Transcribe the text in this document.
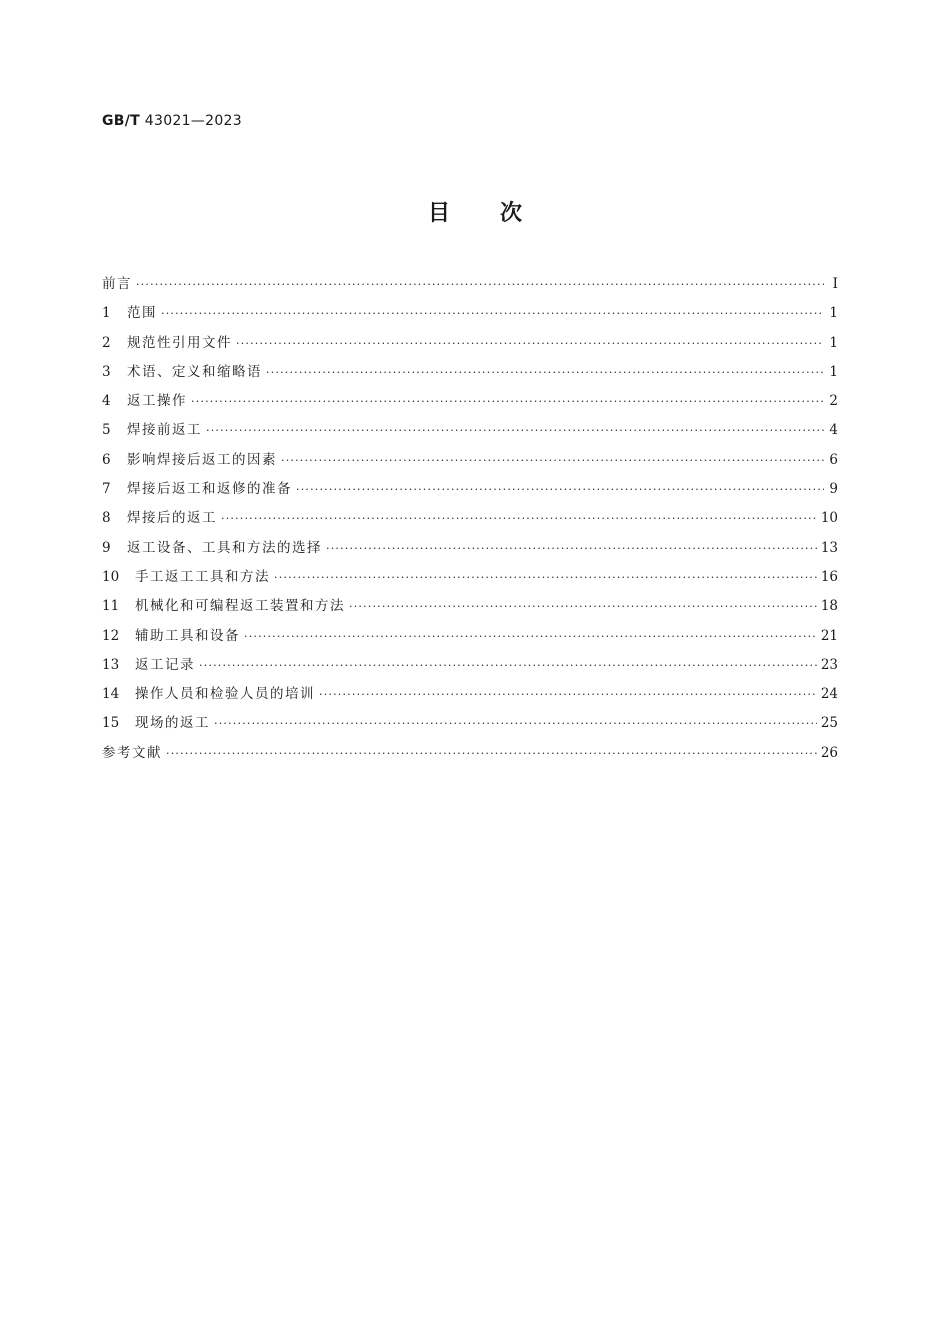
GB/T 43021—2023
目次
前言 ·····	Ⅰ
1	范围 ·····	1
2	规范性引用文件 ·····	1
3	术语、定义和缩略语 ·····	1
4	返工操作 ·····	2
5	焊接前返工 ·····	4
6	影响焊接后返工的因素 ·····	6
7	焊接后返工和返修的准备 ·····	9
8	焊接后的返工 ·····	10
9	返工设备、工具和方法的选择 ·····	13
10	手工返工工具和方法 ·····	16
11	机械化和可编程返工装置和方法 ·····	18
12	辅助工具和设备 ·····	21
13	返工记录 ·····	23
14	操作人员和检验人员的培训 ·····	24
15	现场的返工 ·····	25
参考文献 ·····	26
